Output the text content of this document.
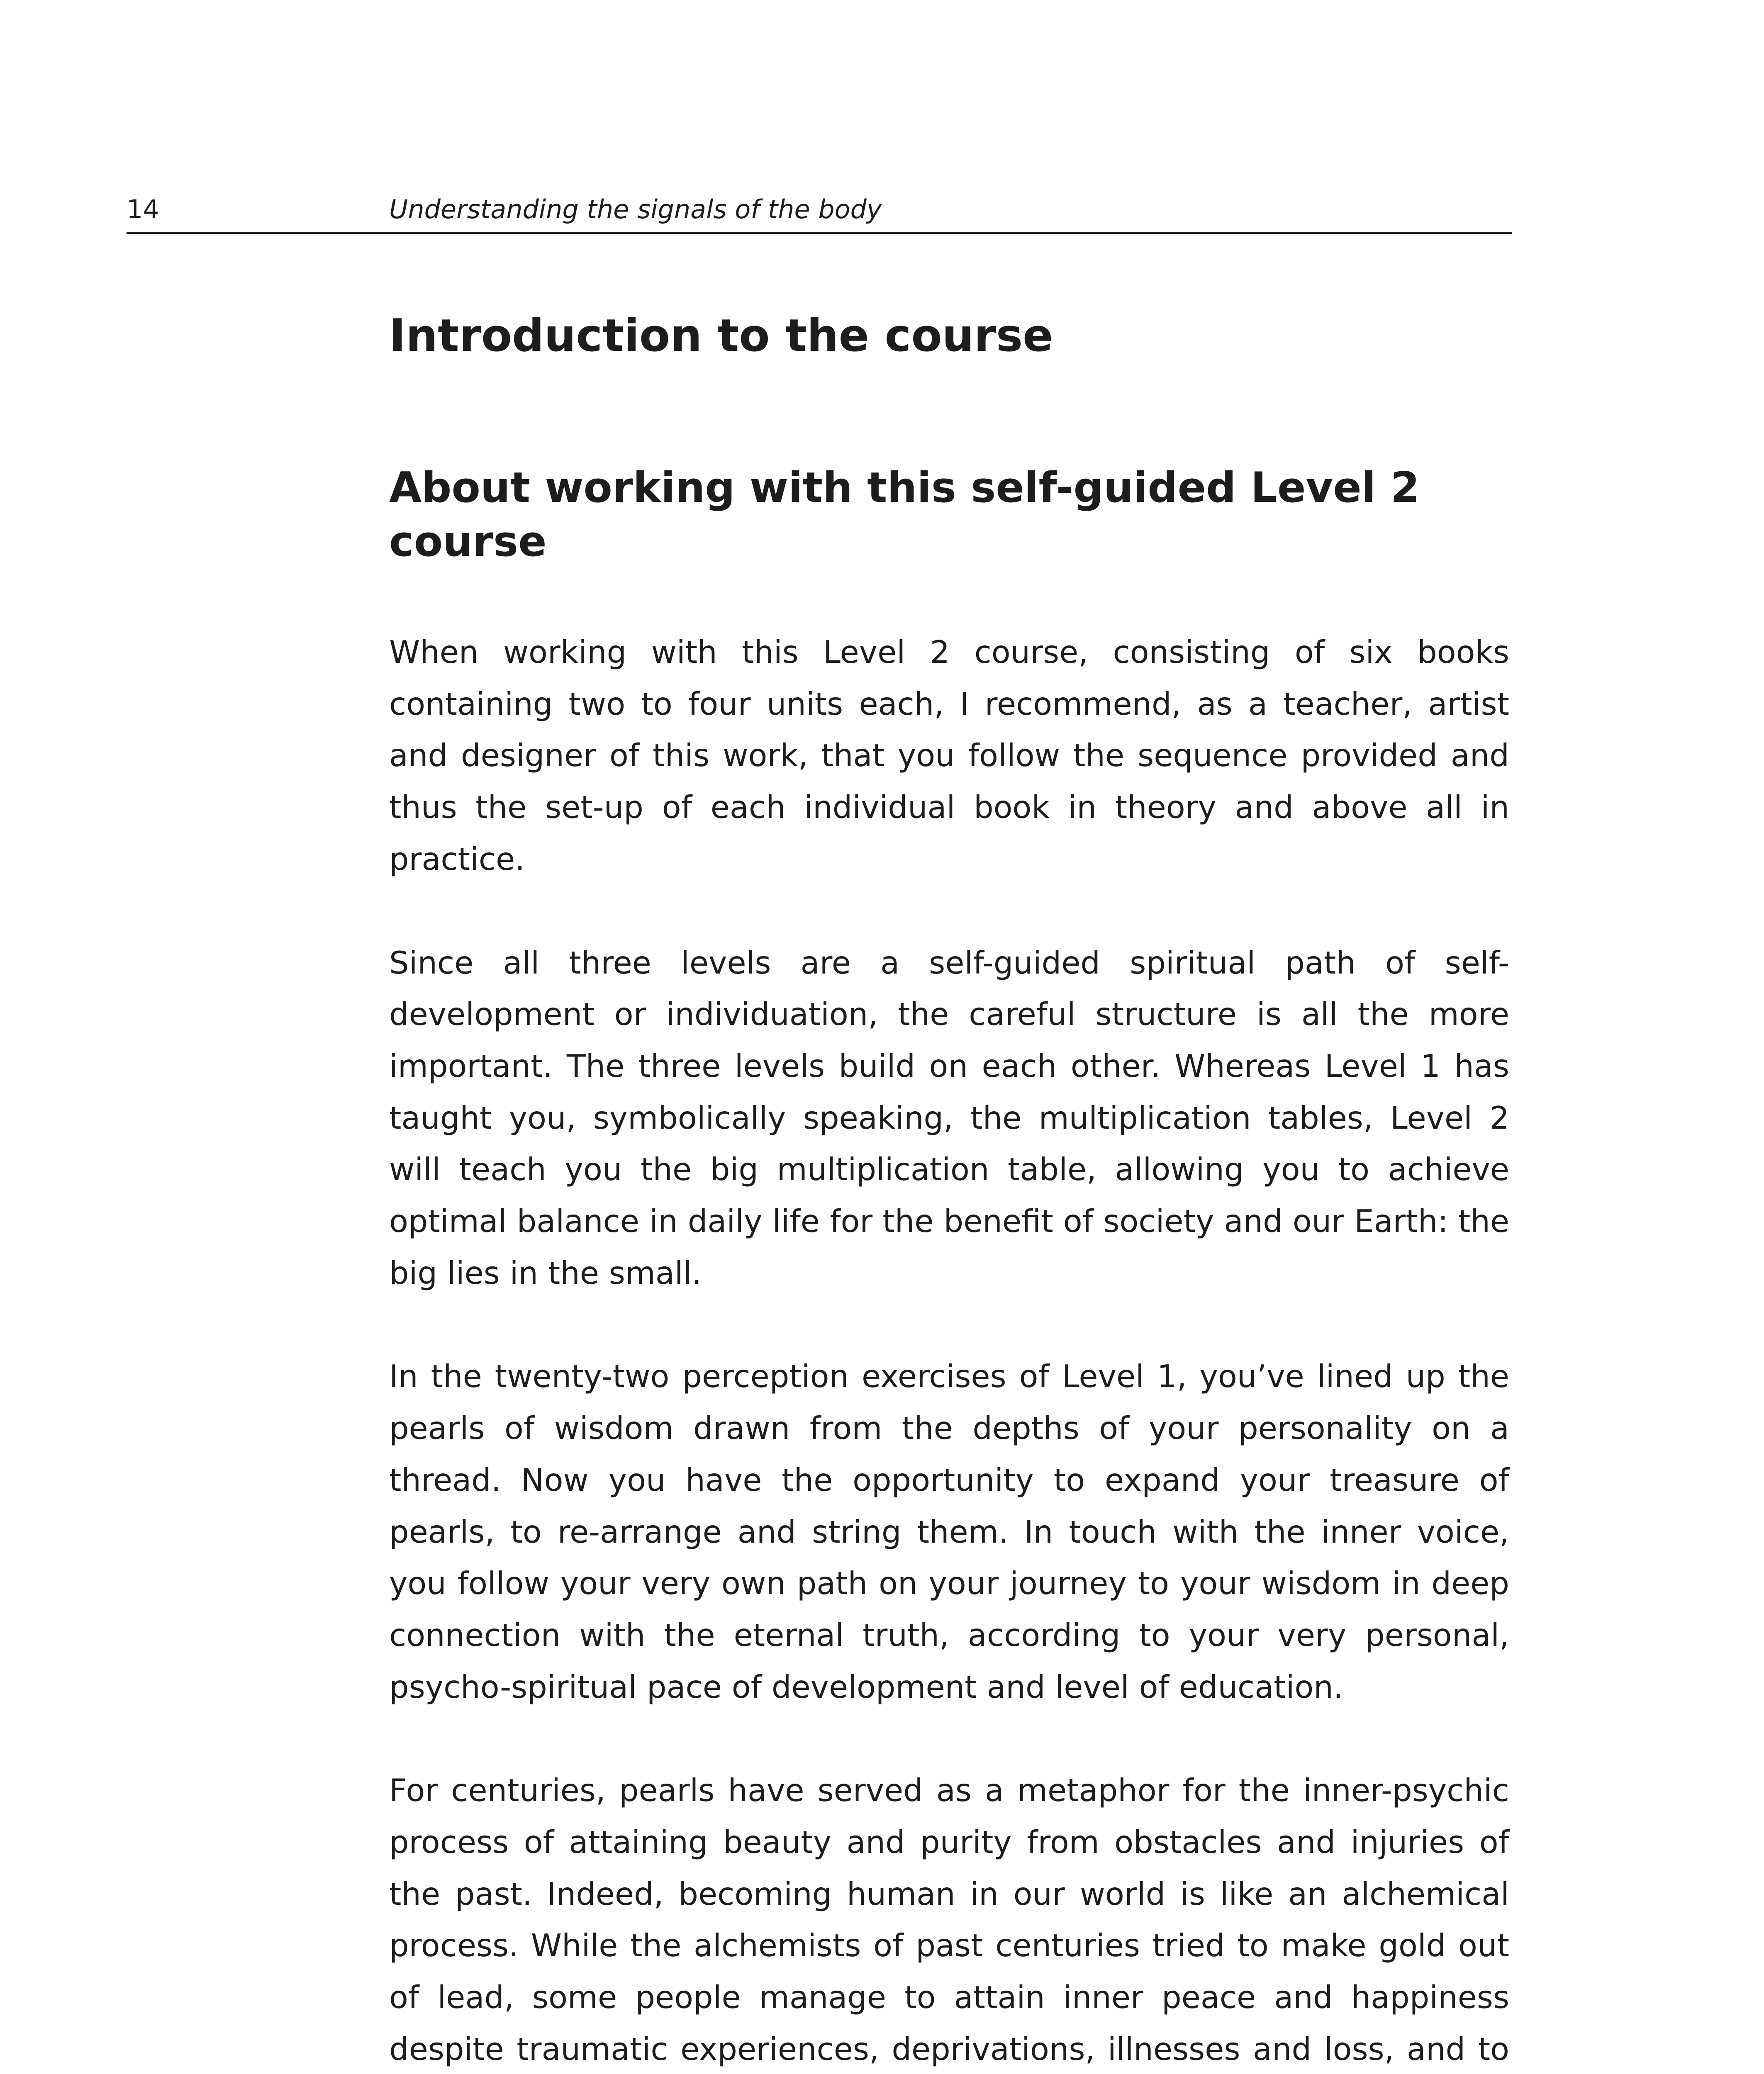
14	Understanding the signals of the body
Introduction to the course
About working with this self-guided Level 2 course

When working with this Level 2 course, consisting of six books containing two to four units each, I recommend, as a teacher, artist and designer of this work, that you follow the sequence provided and thus the set-up of each individual book in theory and above all in practice.

Since all three levels are a self-guided spiritual path of self-development or individuation, the careful structure is all the more important. The three levels build on each other. Whereas Level 1 has taught you, symbolically speaking, the multiplication tables, Level 2 will teach you the big multiplication table, allowing you to achieve optimal balance in daily life for the benefit of society and our Earth: the big lies in the small.

In the twenty-two perception exercises of Level 1, you’ve lined up the pearls of wisdom drawn from the depths of your personality on a thread. Now you have the opportunity to expand your treasure of pearls, to re-arrange and string them. In touch with the inner voice, you follow your very own path on your journey to your wisdom in deep connection with the eternal truth, according to your very personal, psycho-spiritual pace of development and level of education.

For centuries, pearls have served as a metaphor for the inner-psychic process of attaining beauty and purity from obstacles and injuries of the past. Indeed, becoming human in our world is like an alchemical process. While the alchemists of past centuries tried to make gold out of lead, some people manage to attain inner peace and happiness despite traumatic experiences, deprivations, illnesses and loss, and to
